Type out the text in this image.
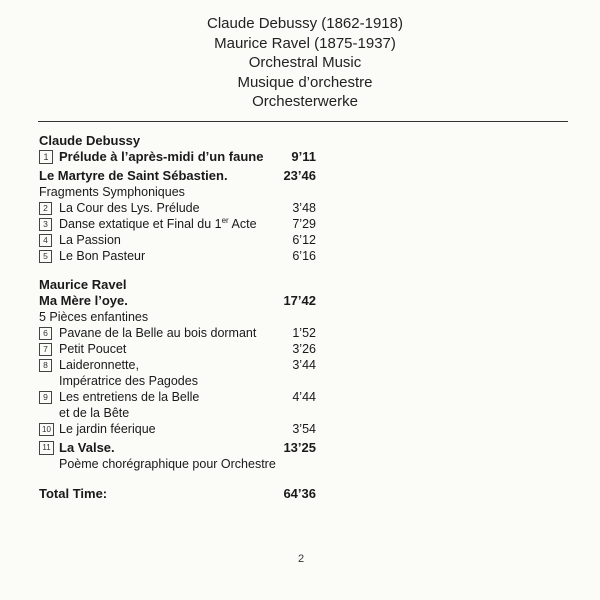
Claude Debussy (1862-1918)
Maurice Ravel (1875-1937)
Orchestral Music
Musique d’orchestre
Orchesterwerke
Claude Debussy
1 Prélude à l’après-midi d’un faune 9’11
Le Martyre de Saint Sébastien.	23’46
Fragments Symphoniques
2 La Cour des Lys. Prélude	3’48
3 Danse extatique et Final du 1er Acte	7’29
4 La Passion	6’12
5 Le Bon Pasteur	6’16
Maurice Ravel
Ma Mère l’oye.	17’42
5 Pièces enfantines
6 Pavane de la Belle au bois dormant	1’52
7 Petit Poucet	3’26
8 Laideronnette,	3’44
Impératrice des Pagodes
9 Les entretiens de la Belle	4’44
et de la Bête
10 Le jardin féerique	3’54
11 La Valse.	13’25
Poème chorégraphique pour Orchestre
Total Time:	64’36
2
